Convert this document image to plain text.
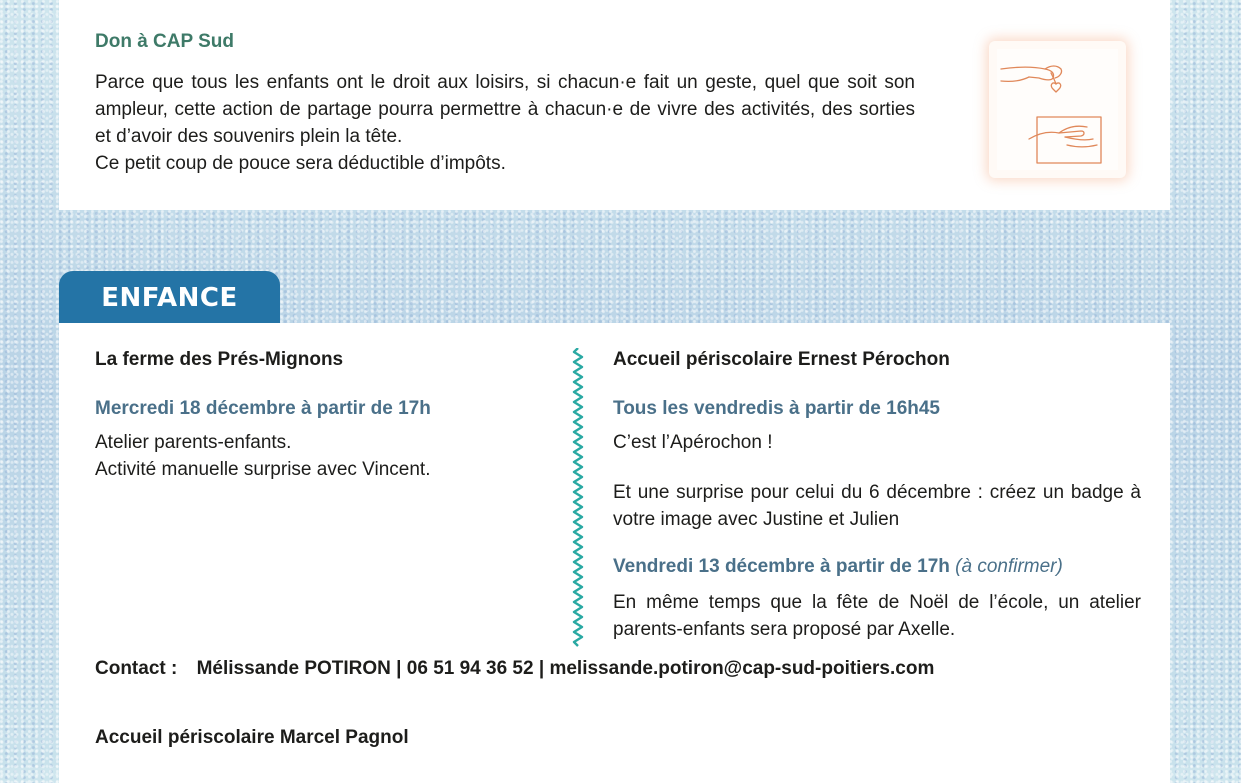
Don à CAP Sud

Parce que tous les enfants ont le droit aux loisirs, si chacun·e fait un geste, quel que soit son ampleur, cette action de partage pourra permettre à chacun·e de vivre des activités, des sorties et d’avoir des souvenirs plein la tête.

Ce petit coup de pouce sera déductible d’impôts.

ENFANCE
La ferme des Prés-Mignons
Mercredi 18 décembre à partir de 17h

Atelier parents-enfants.

Activité manuelle surprise avec Vincent.

Accueil périscolaire Ernest Pérochon
Tous les vendredis à partir de 16h45

C’est l’Apérochon !

Et une surprise pour celui du 6 décembre : créez un badge à votre image avec Justine et Julien

Vendredi 13 décembre à partir de 17h (à confirmer)

En même temps que la fête de Noël de l’école, un atelier parents-enfants sera proposé par Axelle.

Contact : Mélissande POTIRON | 06 51 94 36 52 | melissande.potiron@cap-sud-poitiers.com
Accueil périscolaire Marcel Pagnol
